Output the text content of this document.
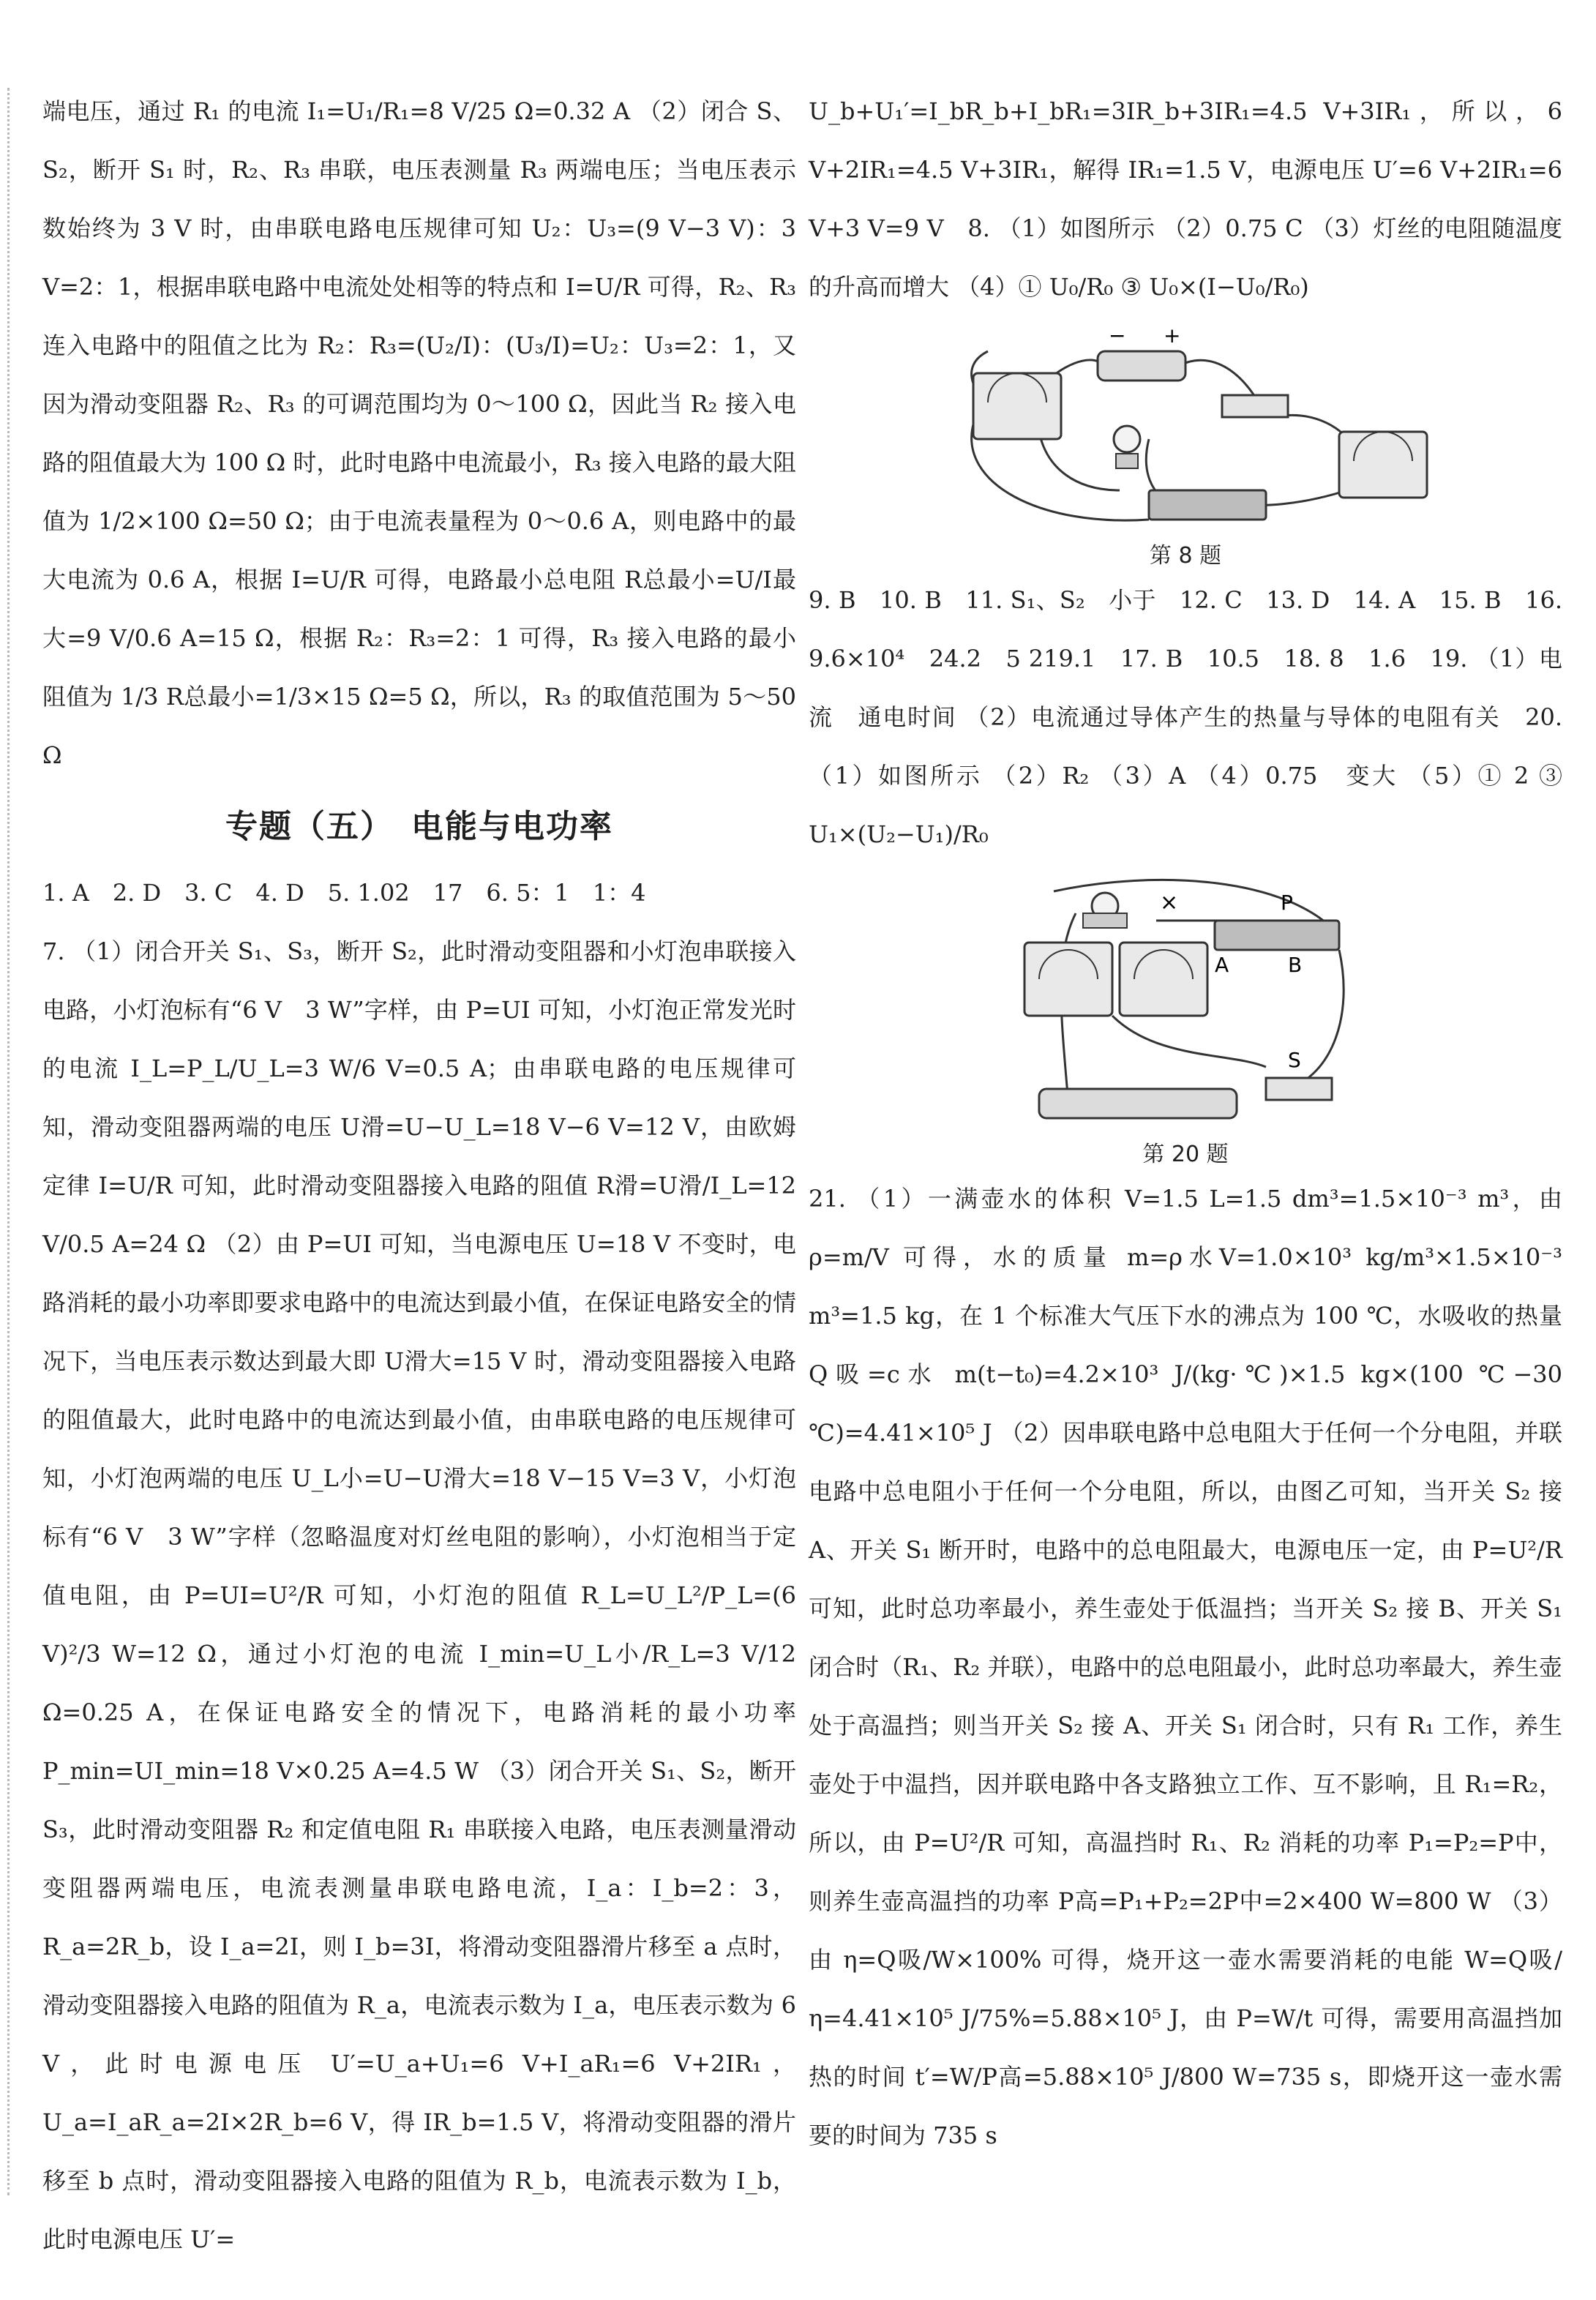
端电压，通过 R₁ 的电流 I₁=U₁/R₁=8 V/25 Ω=0.32 A （2）闭合 S、S₂，断开 S₁ 时，R₂、R₃ 串联，电压表测量 R₃ 两端电压；当电压表示数始终为 3 V 时，由串联电路电压规律可知 U₂：U₃=(9 V−3 V)：3 V=2：1，根据串联电路中电流处处相等的特点和 I=U/R 可得，R₂、R₃ 连入电路中的阻值之比为 R₂：R₃=(U₂/I)：(U₃/I)=U₂：U₃=2：1，又因为滑动变阻器 R₂、R₃ 的可调范围均为 0～100 Ω，因此当 R₂ 接入电路的阻值最大为 100 Ω 时，此时电路中电流最小，R₃ 接入电路的最大阻值为 1/2×100 Ω=50 Ω；由于电流表量程为 0～0.6 A，则电路中的最大电流为 0.6 A，根据 I=U/R 可得，电路最小总电阻 R总最小=U/I最大=9 V/0.6 A=15 Ω，根据 R₂：R₃=2：1 可得，R₃ 接入电路的最小阻值为 1/3 R总最小=1/3×15 Ω=5 Ω，所以，R₃ 的取值范围为 5～50 Ω

专题（五）　电能与电功率

1. A　2. D　3. C　4. D　5. 1.02　17　6. 5：1　1：4

7. （1）闭合开关 S₁、S₃，断开 S₂，此时滑动变阻器和小灯泡串联接入电路，小灯泡标有“6 V　3 W”字样，由 P=UI 可知，小灯泡正常发光时的电流 I_L=P_L/U_L=3 W/6 V=0.5 A；由串联电路的电压规律可知，滑动变阻器两端的电压 U滑=U−U_L=18 V−6 V=12 V，由欧姆定律 I=U/R 可知，此时滑动变阻器接入电路的阻值 R滑=U滑/I_L=12 V/0.5 A=24 Ω （2）由 P=UI 可知，当电源电压 U=18 V 不变时，电路消耗的最小功率即要求电路中的电流达到最小值，在保证电路安全的情况下，当电压表示数达到最大即 U滑大=15 V 时，滑动变阻器接入电路的阻值最大，此时电路中的电流达到最小值，由串联电路的电压规律可知，小灯泡两端的电压 U_L小=U−U滑大=18 V−15 V=3 V，小灯泡标有“6 V　3 W”字样（忽略温度对灯丝电阻的影响），小灯泡相当于定值电阻，由 P=UI=U²/R 可知，小灯泡的阻值 R_L=U_L²/P_L=(6 V)²/3 W=12 Ω，通过小灯泡的电流 I_min=U_L小/R_L=3 V/12 Ω=0.25 A，在保证电路安全的情况下，电路消耗的最小功率 P_min=UI_min=18 V×0.25 A=4.5 W （3）闭合开关 S₁、S₂，断开 S₃，此时滑动变阻器 R₂ 和定值电阻 R₁ 串联接入电路，电压表测量滑动变阻器两端电压，电流表测量串联电路电流，I_a：I_b=2：3，R_a=2R_b，设 I_a=2I，则 I_b=3I，将滑动变阻器滑片移至 a 点时，滑动变阻器接入电路的阻值为 R_a，电流表示数为 I_a，电压表示数为 6 V，此时电源电压 U′=U_a+U₁=6 V+I_aR₁=6 V+2IR₁，U_a=I_aR_a=2I×2R_b=6 V，得 IR_b=1.5 V，将滑动变阻器的滑片移至 b 点时，滑动变阻器接入电路的阻值为 R_b，电流表示数为 I_b，此时电源电压 U′=

U_b+U₁′=I_bR_b+I_bR₁=3IR_b+3IR₁=4.5 V+3IR₁，所以，6 V+2IR₁=4.5 V+3IR₁，解得 IR₁=1.5 V，电源电压 U′=6 V+2IR₁=6 V+3 V=9 V　8. （1）如图所示 （2）0.75 C （3）灯丝的电阻随温度的升高而增大 （4）① U₀/R₀ ③ U₀×(I−U₀/R₀)

− +

第 8 题

9. B　10. B　11. S₁、S₂　小于　12. C　13. D　14. A　15. B　16. 9.6×10⁴　24.2　5 219.1　17. B　10.5　18. 8　1.6　19. （1）电流　通电时间 （2）电流通过导体产生的热量与导体的电阻有关　20. （1）如图所示 （2）R₂ （3）A （4）0.75　变大 （5）① 2 ③ U₁×(U₂−U₁)/R₀

×	P
A	B
S

第 20 题

21. （1）一满壶水的体积 V=1.5 L=1.5 dm³=1.5×10⁻³ m³，由 ρ=m/V 可得，水的质量 m=ρ水V=1.0×10³ kg/m³×1.5×10⁻³ m³=1.5 kg，在 1 个标准大气压下水的沸点为 100 ℃，水吸收的热量 Q吸=c水 m(t−t₀)=4.2×10³ J/(kg·℃)×1.5 kg×(100 ℃−30 ℃)=4.41×10⁵ J （2）因串联电路中总电阻大于任何一个分电阻，并联电路中总电阻小于任何一个分电阻，所以，由图乙可知，当开关 S₂ 接 A、开关 S₁ 断开时，电路中的总电阻最大，电源电压一定，由 P=U²/R 可知，此时总功率最小，养生壶处于低温挡；当开关 S₂ 接 B、开关 S₁ 闭合时（R₁、R₂ 并联），电路中的总电阻最小，此时总功率最大，养生壶处于高温挡；则当开关 S₂ 接 A、开关 S₁ 闭合时，只有 R₁ 工作，养生壶处于中温挡，因并联电路中各支路独立工作、互不影响，且 R₁=R₂，所以，由 P=U²/R 可知，高温挡时 R₁、R₂ 消耗的功率 P₁=P₂=P中，则养生壶高温挡的功率 P高=P₁+P₂=2P中=2×400 W=800 W （3）由 η=Q吸/W×100% 可得，烧开这一壶水需要消耗的电能 W=Q吸/η=4.41×10⁵ J/75%=5.88×10⁵ J，由 P=W/t 可得，需要用高温挡加热的时间 t′=W/P高=5.88×10⁵ J/800 W=735 s，即烧开这一壶水需要的时间为 735 s
